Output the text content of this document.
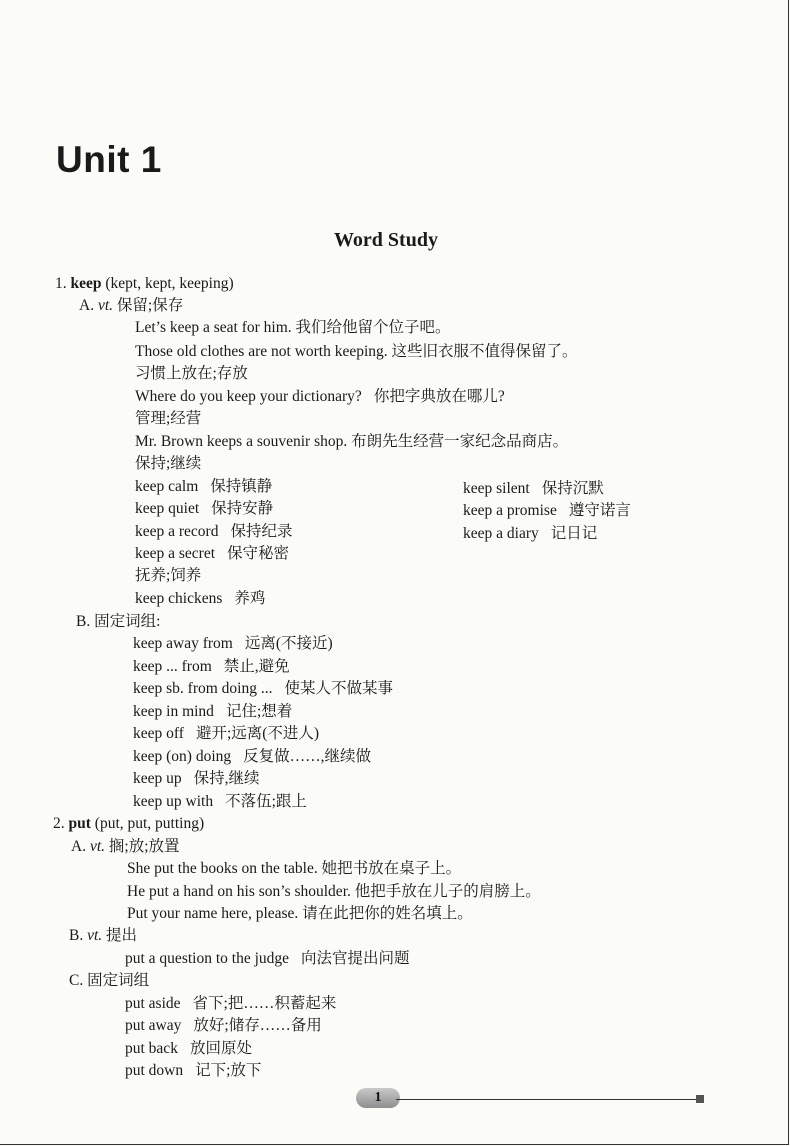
Unit 1
Word Study
1. keep (kept, kept, keeping)
A. vt. 保留;保存
Let’s keep a seat for him. 我们给他留个位子吧。
Those old clothes are not worth keeping. 这些旧衣服不值得保留了。
习惯上放在;存放
Where do you keep your dictionary? 你把字典放在哪儿?
管理;经营
Mr. Brown keeps a souvenir shop. 布朗先生经营一家纪念品商店。
保持;继续
keep calm 保持镇静	keep silent 保持沉默
keep quiet 保持安静	keep a promise 遵守诺言
keep a record 保持纪录	keep a diary 记日记
keep a secret 保守秘密
抚养;饲养
keep chickens 养鸡
B. 固定词组:
keep away from 远离(不接近)
keep ... from 禁止,避免
keep sb. from doing ... 使某人不做某事
keep in mind 记住;想着
keep off 避开;远离(不进人)
keep (on) doing 反复做……,继续做
keep up 保持,继续
keep up with 不落伍;跟上
2. put (put, put, putting)
A. vt. 搁;放;放置
She put the books on the table. 她把书放在桌子上。
He put a hand on his son’s shoulder. 他把手放在儿子的肩膀上。
Put your name here, please. 请在此把你的姓名填上。
B. vt. 提出
put a question to the judge 向法官提出问题
C. 固定词组
put aside 省下;把……积蓄起来
put away 放好;储存……备用
put back 放回原处
put down 记下;放下
1
